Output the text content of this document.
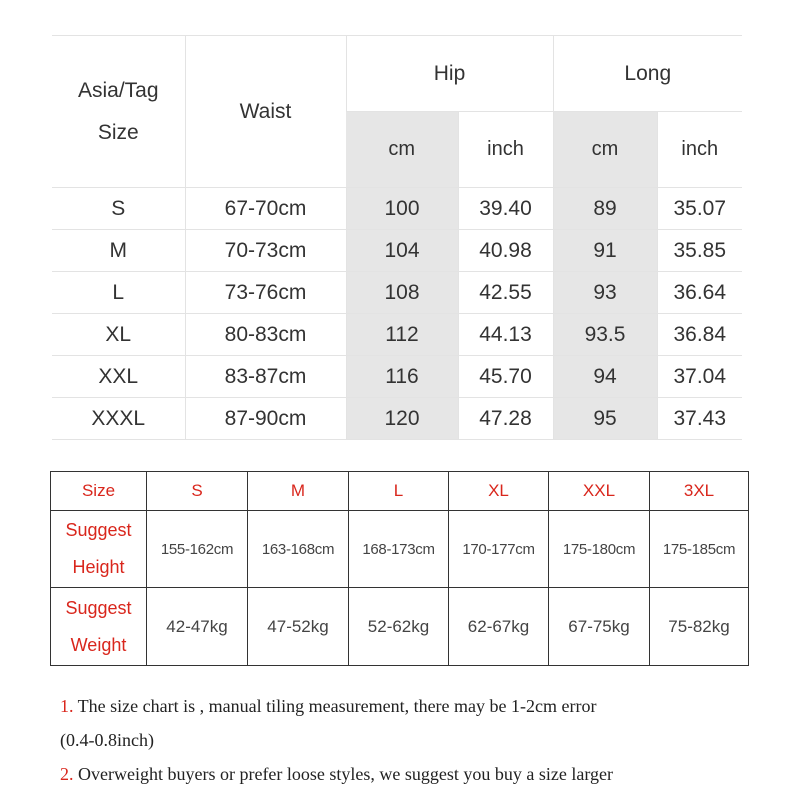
Asia/Tag
Size	Waist	Hip		Long	
		cm	inch	cm	inch
S	67-70cm	100	39.40	89	35.07
M	70-73cm	104	40.98	91	35.85
L	73-76cm	108	42.55	93	36.64
XL	80-83cm	112	44.13	93.5	36.84
XXL	83-87cm	116	45.70	94	37.04
XXXL	87-90cm	120	47.28	95	37.43
Size	S	M	L	XL	XXL	3XL
Suggest
Height	155-162cm	163-168cm	168-173cm	170-177cm	175-180cm	175-185cm
Suggest
Weight	42-47kg	47-52kg	52-62kg	62-67kg	67-75kg	75-82kg

1. The size chart is , manual tiling measurement, there may be 1-2cm error

(0.4-0.8inch)

2. Overweight buyers or prefer loose styles, we suggest you buy a size larger
